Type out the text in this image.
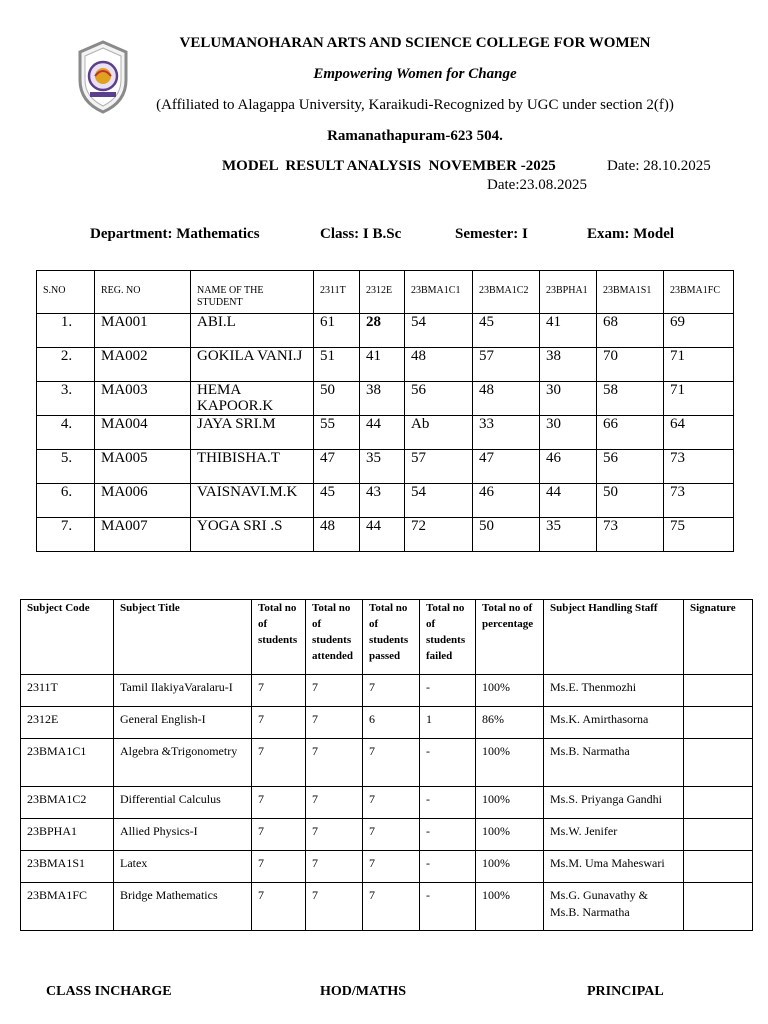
VELUMANOHARAN ARTS AND SCIENCE COLLEGE FOR WOMEN
Empowering Women for Change
(Affiliated to Alagappa University, Karaikudi-Recognized by UGC under section 2(f))
Ramanathapuram-623 504.
MODEL  RESULT ANALYSIS  NOVEMBER -2025	Date: 28.10.2025
Date:23.08.2025
Department: Mathematics	Class: I B.Sc	Semester: I	Exam: Model
S.NO	REG. NO	NAME OF THE STUDENT	2311T	2312E	23BMA1C1	23BMA1C2	23BPHA1	23BMA1S1	23BMA1FC
1.	MA001	ABI.L	61	28	54	45	41	68	69
2.	MA002	GOKILA VANI.J	51	41	48	57	38	70	71
3.	MA003	HEMA KAPOOR.K	50	38	56	48	30	58	71
4.	MA004	JAYA SRI.M	55	44	Ab	33	30	66	64
5.	MA005	THIBISHA.T	47	35	57	47	46	56	73
6.	MA006	VAISNAVI.M.K	45	43	54	46	44	50	73
7.	MA007	YOGA SRI .S	48	44	72	50	35	73	75
Subject Code	Subject Title	Total no of students	Total no of students attended	Total no of students passed	Total no of students failed	Total no of percentage	Subject Handling Staff	Signature
2311T	Tamil IlakiyaVaralaru-I	7	7	7	-	100%	Ms.E. Thenmozhi	
2312E	General English-I	7	7	6	1	86%	Ms.K. Amirthasorna	
23BMA1C1	Algebra &Trigonometry	7	7	7	-	100%	Ms.B. Narmatha	
23BMA1C2	Differential Calculus	7	7	7	-	100%	Ms.S. Priyanga Gandhi	
23BPHA1	Allied Physics-I	7	7	7	-	100%	Ms.W. Jenifer	
23BMA1S1	Latex	7	7	7	-	100%	Ms.M. Uma Maheswari	
23BMA1FC	Bridge Mathematics	7	7	7	-	100%	Ms.G. Gunavathy & Ms.B. Narmatha	
CLASS INCHARGE	HOD/MATHS	PRINCIPAL
